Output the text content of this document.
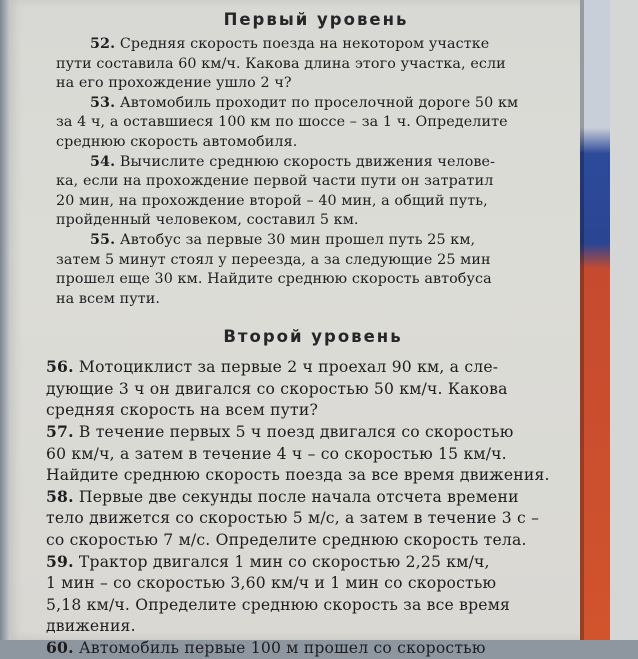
Первый уровень
52. Средняя скорость поезда на некотором участке
пути составила 60 км/ч. Какова длина этого участка, если
на его прохождение ушло 2 ч?
53. Автомобиль проходит по проселочной дороге 50 км
за 4 ч, а оставшиеся 100 км по шоссе – за 1 ч. Определите
среднюю скорость автомобиля.
54. Вычислите среднюю скорость движения челове-
ка, если на прохождение первой части пути он затратил
20 мин, на прохождение второй – 40 мин, а общий путь,
пройденный человеком, составил 5 км.
55. Автобус за первые 30 мин прошел путь 25 км,
затем 5 минут стоял у переезда, а за следующие 25 мин
прошел еще 30 км. Найдите среднюю скорость автобуса
на всем пути.
Второй уровень
56. Мотоциклист за первые 2 ч проехал 90 км, а сле-
дующие 3 ч он двигался со скоростью 50 км/ч. Какова
средняя скорость на всем пути?
57. В течение первых 5 ч поезд двигался со скоростью
60 км/ч, а затем в течение 4 ч – со скоростью 15 км/ч.
Найдите среднюю скорость поезда за все время движения.
58. Первые две секунды после начала отсчета времени
тело движется со скоростью 5 м/с, а затем в течение 3 с –
со скоростью 7 м/с. Определите среднюю скорость тела.
59. Трактор двигался 1 мин со скоростью 2,25 км/ч,
1 мин – со скоростью 3,60 км/ч и 1 мин со скоростью
5,18 км/ч. Определите среднюю скорость за все время
движения.
60. Автомобиль первые 100 м прошел со скоростью
